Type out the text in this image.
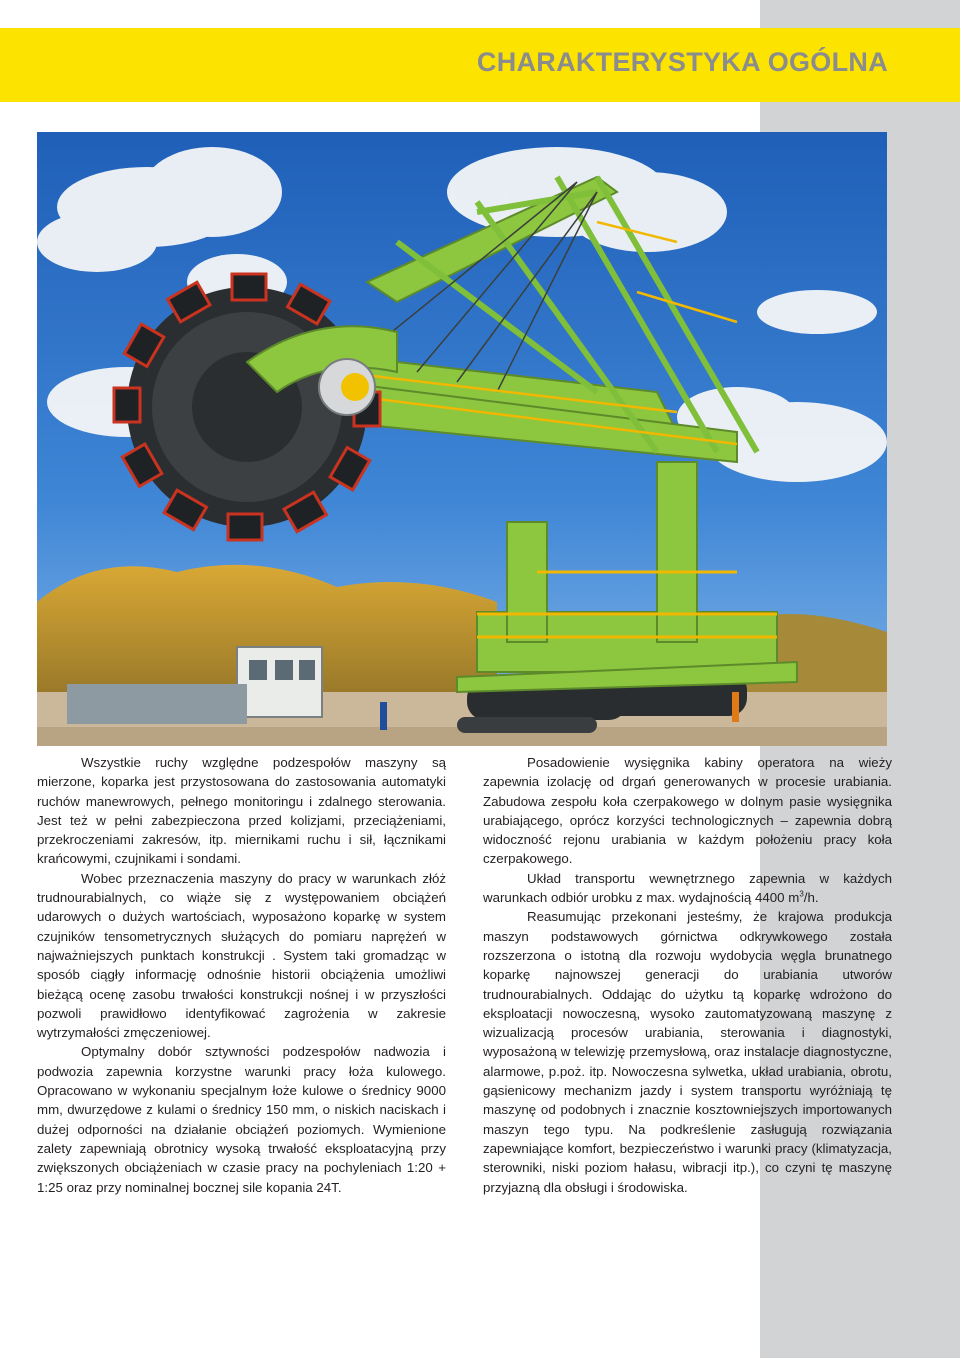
CHARAKTERYSTYKA OGÓLNA

Wszystkie ruchy względne podzespołów maszyny są mierzone, koparka jest przystosowana do zastosowania automatyki ruchów manewrowych, pełnego monitoringu i zdalnego sterowania. Jest też w pełni zabezpieczona przed kolizjami, przeciążeniami, przekroczeniami zakresów, itp. miernikami ruchu i sił, łącznikami krańcowymi, czujnikami i sondami.

Wobec przeznaczenia maszyny do pracy w warunkach złóż trudnourabialnych, co wiąże się z występowaniem obciążeń udarowych o dużych wartościach, wyposażono koparkę w system czujników tensometrycznych służących do pomiaru naprężeń w najważniejszych punktach konstrukcji . System taki gromadząc w sposób ciągły informację odnośnie historii obciążenia umożliwi bieżącą ocenę zasobu trwałości konstrukcji nośnej i w przyszłości pozwoli prawidłowo identyfikować zagrożenia w zakresie wytrzymałości zmęczeniowej.

Optymalny dobór sztywności podzespołów nadwozia i podwozia zapewnia korzystne warunki pracy łoża kulowego. Opracowano w wykonaniu specjalnym łoże kulowe o średnicy 9000 mm, dwurzędowe z kulami o średnicy 150 mm, o niskich naciskach i dużej odporności na działanie obciążeń poziomych. Wymienione zalety zapewniają obrotnicy wysoką trwałość eksploatacyjną przy zwiększonych obciążeniach w czasie pracy na pochyleniach 1:20 + 1:25 oraz przy nominalnej bocznej sile kopania 24T.

Posadowienie wysięgnika kabiny operatora na wieży zapewnia izolację od drgań generowanych w procesie urabiania. Zabudowa zespołu koła czerpakowego w dolnym pasie wysięgnika urabiającego, oprócz korzyści technologicznych – zapewnia dobrą widoczność rejonu urabiania w każdym położeniu pracy koła czerpakowego.

Układ transportu wewnętrznego zapewnia w każdych warunkach odbiór urobku z max. wydajnością 4400 $m^3/h$.

Reasumując przekonani jesteśmy, że krajowa produkcja maszyn podstawowych górnictwa odkrywkowego została rozszerzona o istotną dla rozwoju wydobycia węgla brunatnego koparkę najnowszej generacji do urabiania utworów trudnourabialnych. Oddając do użytku tą koparkę wdrożono do eksploatacji nowoczesną, wysoko zautomatyzowaną maszynę z wizualizacją procesów urabiania, sterowania i diagnostyki, wyposażoną w telewizję przemysłową, oraz instalacje diagnostyczne, alarmowe, p.poż. itp. Nowoczesna sylwetka, układ urabiania, obrotu, gąsienicowy mechanizm jazdy i system transportu wyróżniają tę maszynę od podobnych i znacznie kosztowniejszych importowanych maszyn tego typu. Na podkreślenie zasługują rozwiązania zapewniające komfort, bezpieczeństwo i warunki pracy (klimatyzacja, sterowniki, niski poziom hałasu, wibracji itp.), co czyni tę maszynę przyjazną dla obsługi i środowiska.
